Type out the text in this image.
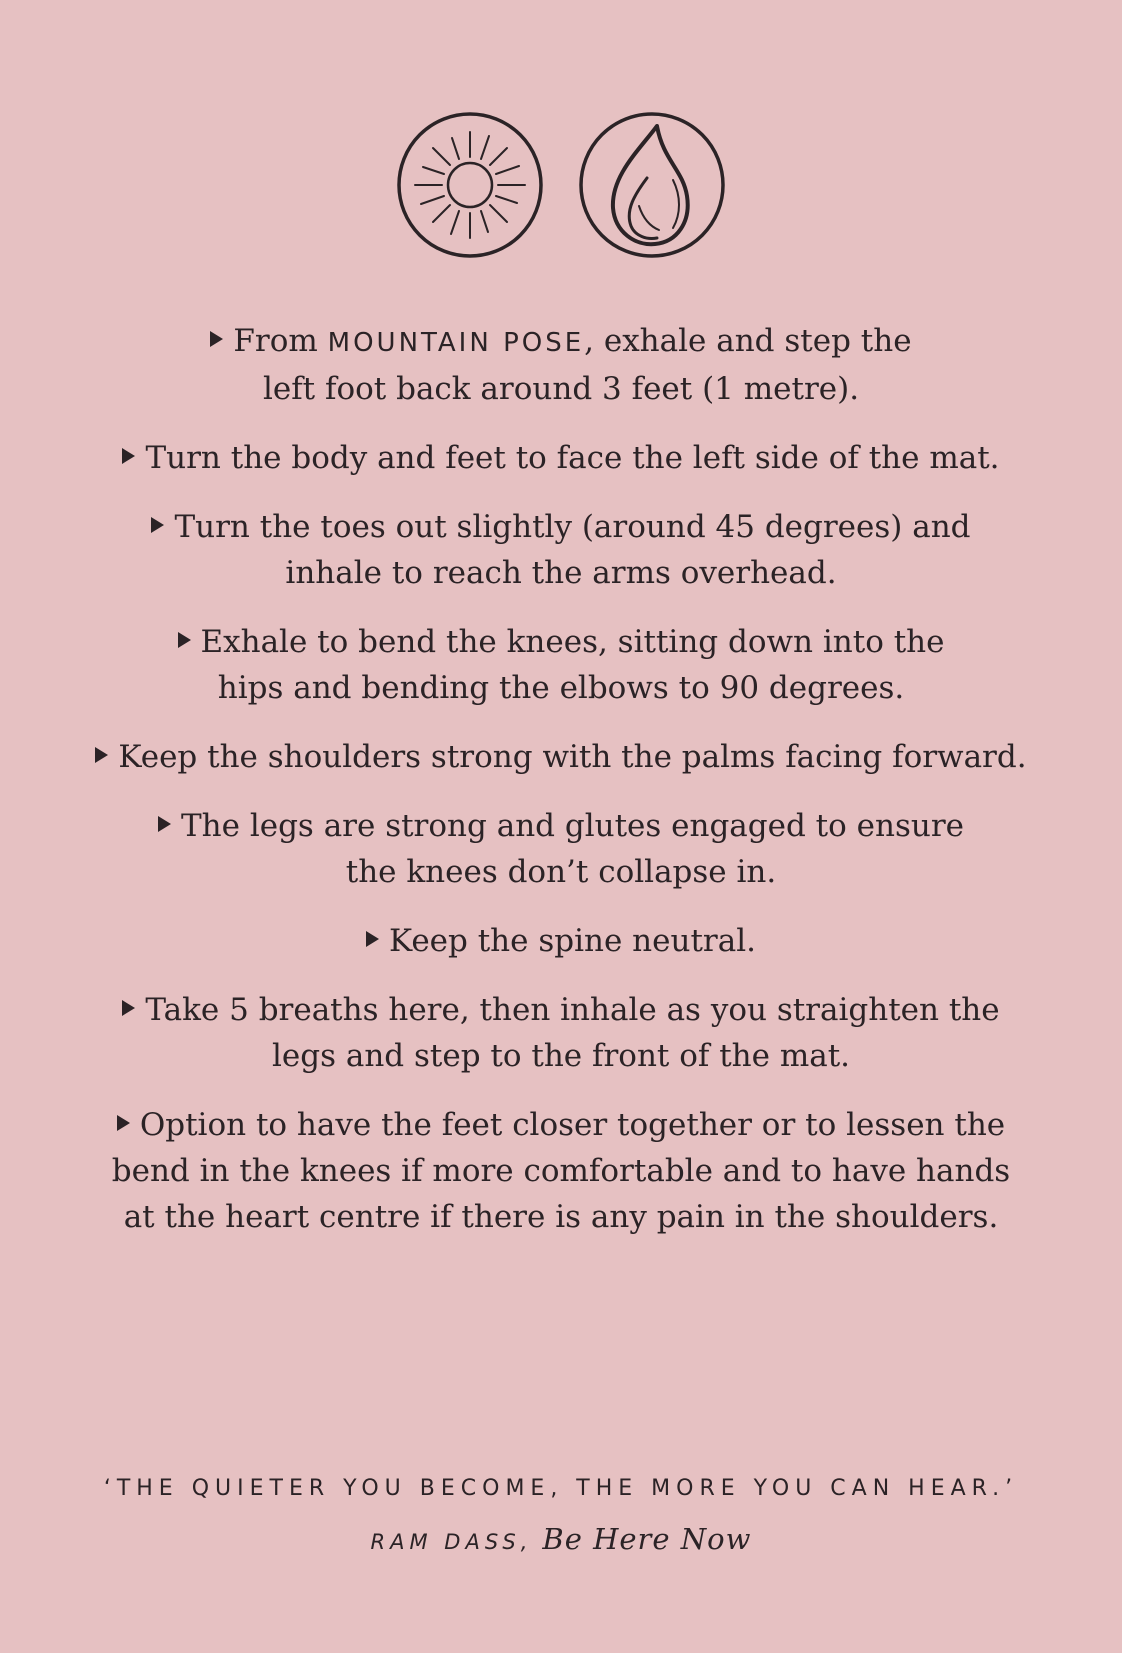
From MOUNTAIN POSE, exhale and step the
left foot back around 3 feet (1 metre).
Turn the body and feet to face the left side of the mat.
Turn the toes out slightly (around 45 degrees) and inhale to reach the arms overhead.
Exhale to bend the knees, sitting down into the hips and bending the elbows to 90 degrees.
Keep the shoulders strong with the palms facing forward.
The legs are strong and glutes engaged to ensure the knees don’t collapse in.
Keep the spine neutral.
Take 5 breaths here, then inhale as you straighten the legs and step to the front of the mat.
Option to have the feet closer together or to lessen the bend in the knees if more comfortable and to have hands at the heart centre if there is any pain in the shoulders.
‘THE QUIETER YOU BECOME, THE MORE YOU CAN HEAR.’
RAM DASS, Be Here Now
